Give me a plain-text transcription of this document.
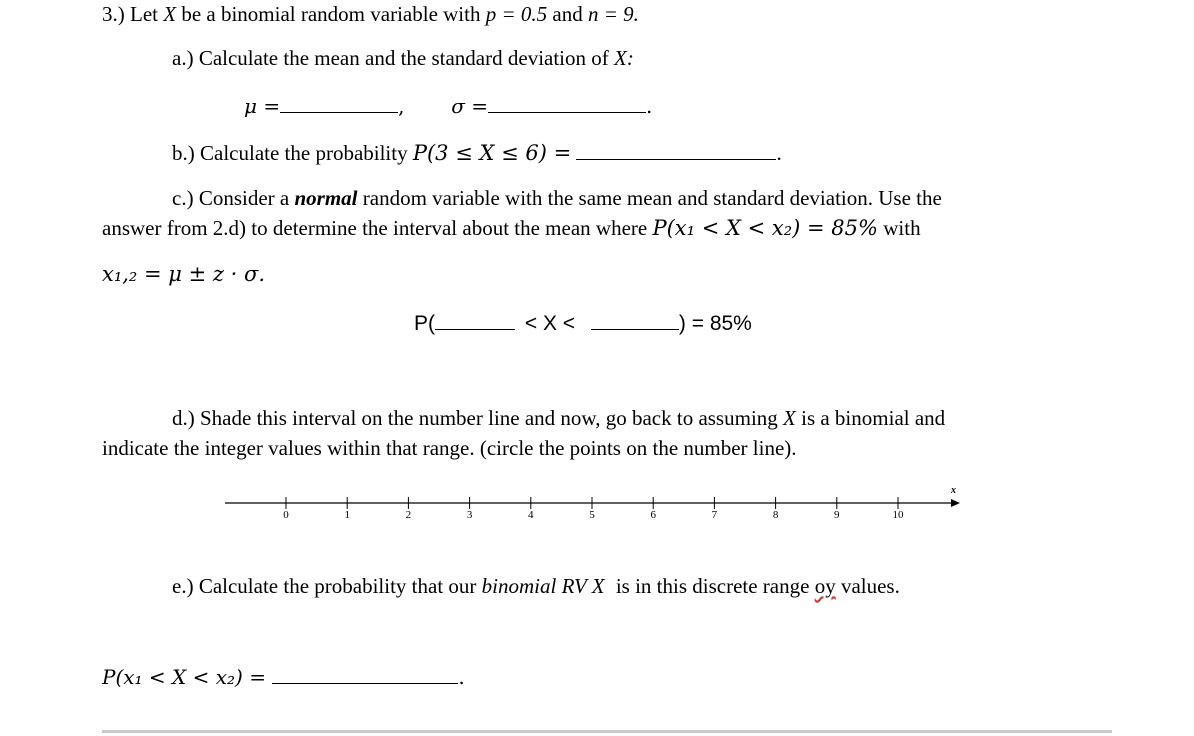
3.) Let X be a binomial random variable with p = 0.5 and n = 9.
a.) Calculate the mean and the standard deviation of X:
μ =	, σ =	.
b.) Calculate the probability P(3 ≤ X ≤ 6) =	.
c.) Consider a normal random variable with the same mean and standard deviation. Use the
answer from 2.d) to determine the interval about the mean where P(x₁ < X < x₂) = 85% with
x₁,₂ = μ ± z · σ.
P(	< X <	) = 85%
d.) Shade this interval on the number line and now, go back to assuming X is a binomial and
indicate the integer values within that range. (circle the points on the number line).
0	1	2	3	4	5	6	7	8	9	10
x
e.) Calculate the probability that our binomial RV X is in this discrete range oy values.
P(x₁ < X < x₂) =	.
